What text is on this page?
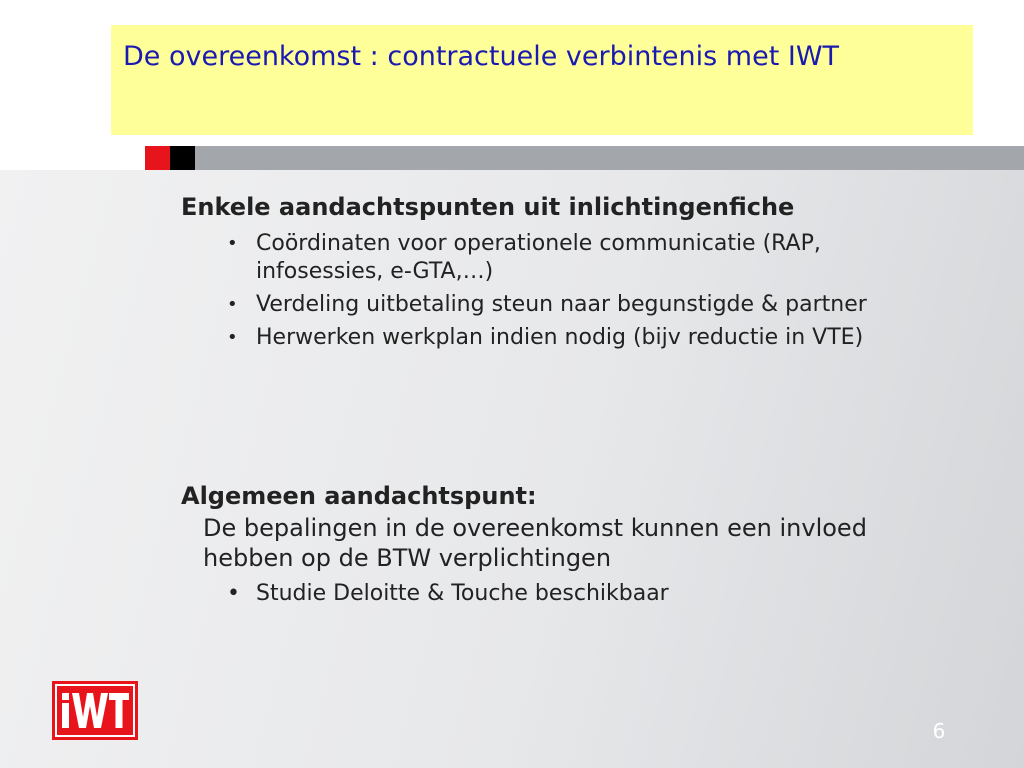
De overeenkomst : contractuele verbintenis met IWT
Enkele aandachtspunten uit inlichtingenfiche
• Coördinaten voor operationele communicatie (RAP, infosessies, e-GTA,…)
• Verdeling uitbetaling steun naar begunstigde & partner
• Herwerken werkplan indien nodig (bijv reductie in VTE)
Algemeen aandachtspunt:
De bepalingen in de overeenkomst kunnen een invloed hebben op de BTW verplichtingen
• Studie Deloitte & Touche beschikbaar
6
